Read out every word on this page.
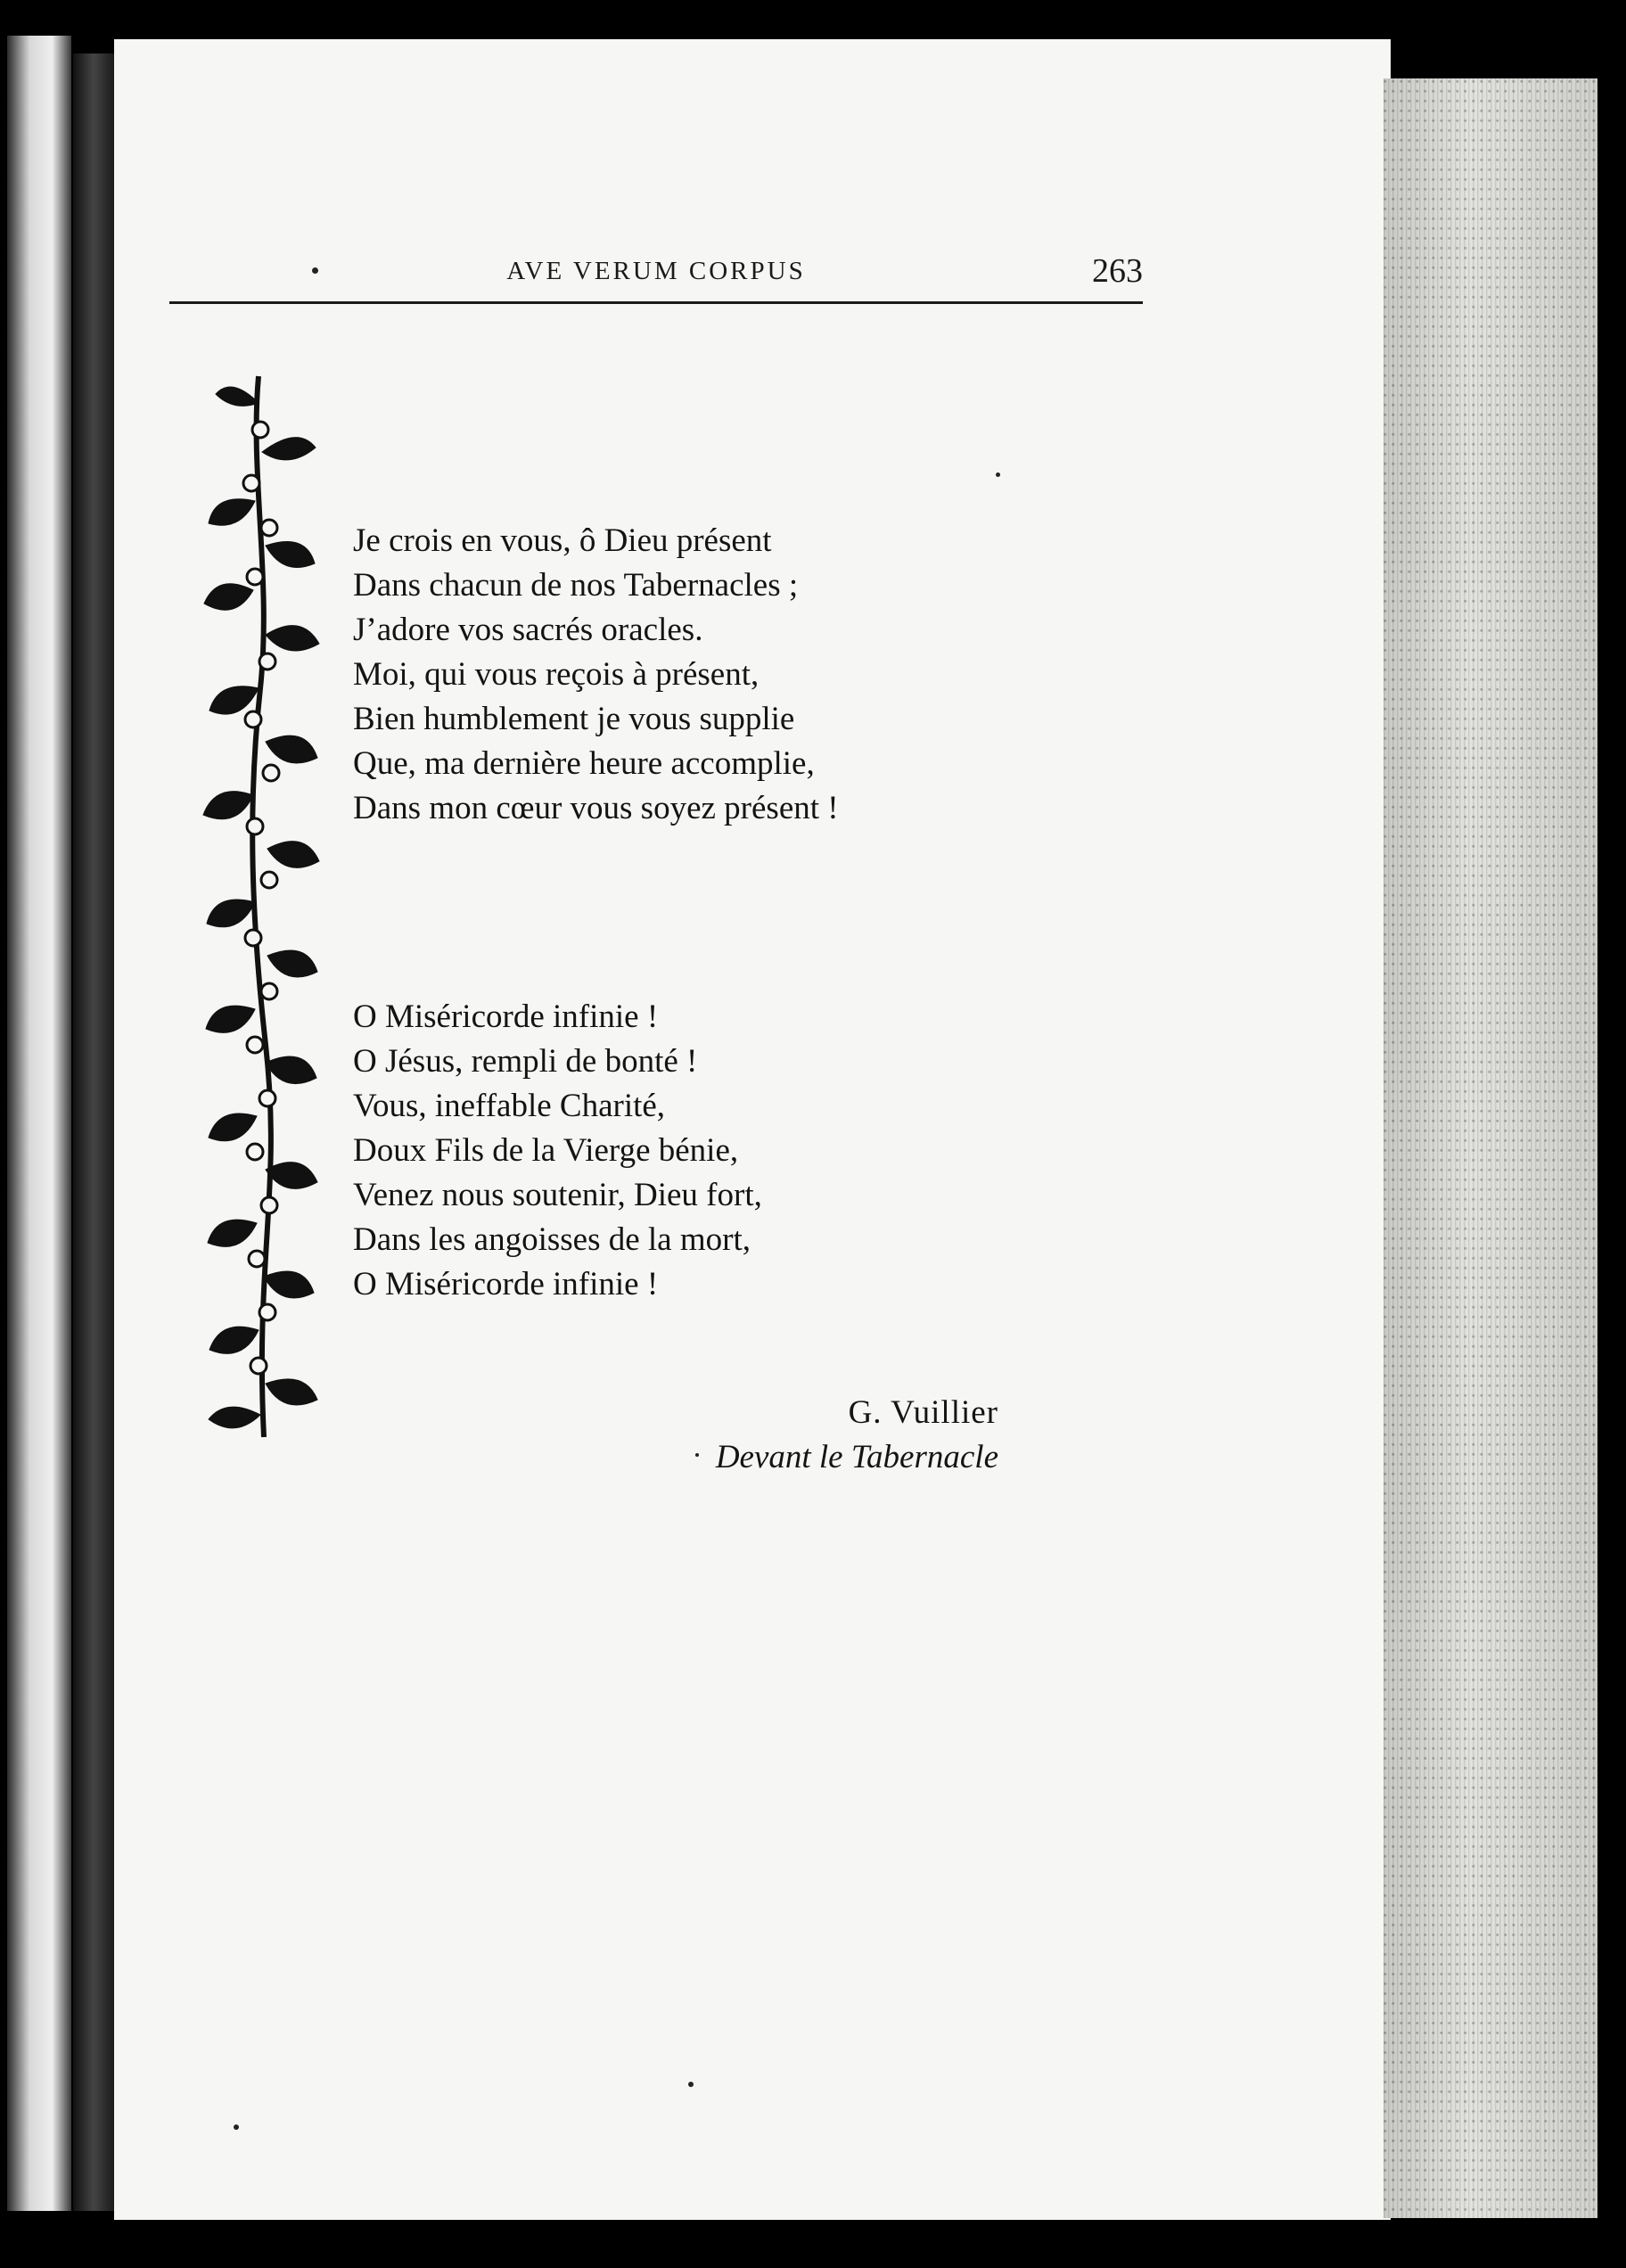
AVE VERUM CORPUS	263
Je crois en vous, ô Dieu présent
Dans chacun de nos Tabernacles ;
J’adore vos sacrés oracles.
Moi, qui vous reçois à présent,
Bien humblement je vous supplie
Que, ma dernière heure accomplie,
Dans mon cœur vous soyez présent !
O Miséricorde infinie !
O Jésus, rempli de bonté !
Vous, ineffable Charité,
Doux Fils de la Vierge bénie,
Venez nous soutenir, Dieu fort,
Dans les angoisses de la mort,
O Miséricorde infinie !
G. Vuillier
Devant le Tabernacle
